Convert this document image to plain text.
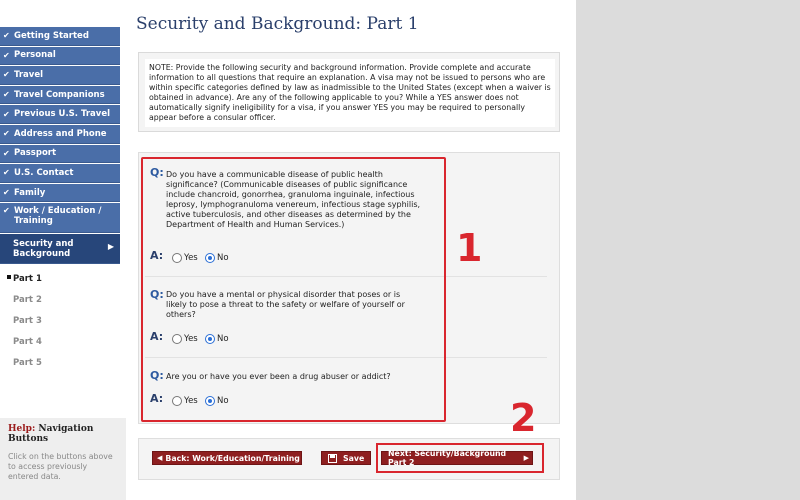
✔ Getting Started
✔ Personal
✔ Travel
✔ Travel Companions
✔ Previous U.S. Travel
✔ Address and Phone
✔ Passport
✔ U.S. Contact
✔ Family
✔ Work / Education /
Training
Security and
Background
▶
Part 1
Part 2
Part 3
Part 4
Part 5
Help: Navigation Buttons
Click on the buttons above to access previously entered data.
Security and Background: Part 1
NOTE: Provide the following security and background information. Provide complete and accurate information to all questions that require an explanation. A visa may not be issued to persons who are within specific categories defined by law as inadmissible to the United States (except when a waiver is obtained in advance). Are any of the following applicable to you? While a YES answer does not automatically signify ineligibility for a visa, if you answer YES you may be required to personally appear before a consular officer.
Q: Do you have a communicable disease of public health significance? (Communicable diseases of public significance include chancroid, gonorrhea, granuloma inguinale, infectious leprosy, lymphogranuloma venereum, infectious stage syphilis, active tuberculosis, and other diseases as determined by the Department of Health and Human Services.)
A: Yes No
Q: Do you have a mental or physical disorder that poses or is likely to pose a threat to the safety or welfare of yourself or others?
A: Yes No
Q: Are you or have you ever been a drug abuser or addict?
A: Yes No
1
◀ Back: Work/Education/Training	Save	Next: Security/Background Part 2	▶
2
